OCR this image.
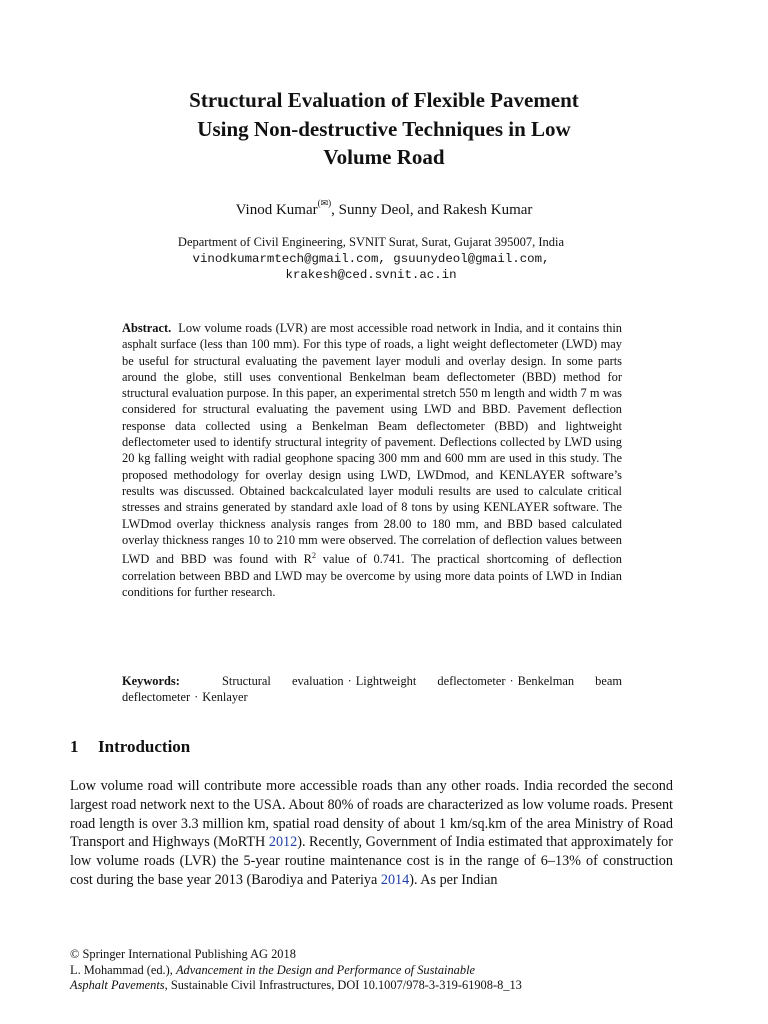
Structural Evaluation of Flexible Pavement
Using Non-destructive Techniques in Low
Volume Road
Vinod Kumar(✉), Sunny Deol, and Rakesh Kumar
Department of Civil Engineering, SVNIT Surat, Surat, Gujarat 395007, India
vinodkumarmtech@gmail.com, gsuunydeol@gmail.com,
krakesh@ced.svnit.ac.in
Abstract. Low volume roads (LVR) are most accessible road network in India, and it contains thin asphalt surface (less than 100 mm). For this type of roads, a light weight deflectometer (LWD) may be useful for structural evaluating the pavement layer moduli and overlay design. In some parts around the globe, still uses conventional Benkelman beam deflectometer (BBD) method for structural evaluation purpose. In this paper, an experimental stretch 550 m length and width 7 m was considered for structural evaluating the pavement using LWD and BBD. Pavement deflection response data collected using a Benkelman Beam deflectometer (BBD) and lightweight deflectometer used to identify structural integrity of pavement. Deflections collected by LWD using 20 kg falling weight with radial geophone spacing 300 mm and 600 mm are used in this study. The proposed methodology for overlay design using LWD, LWDmod, and KENLAYER software’s results was discussed. Obtained backcalculated layer moduli results are used to calculate critical stresses and strains generated by standard axle load of 8 tons by using KENLAYER software. The LWDmod overlay thickness analysis ranges from 28.00 to 180 mm, and BBD based calculated overlay thickness ranges 10 to 210 mm were observed. The correlation of deflection values between LWD and BBD was found with $R^2$ value of 0.741. The practical shortcoming of deflection correlation between BBD and LWD may be overcome by using more data points of LWD in Indian conditions for further research.
Keywords:	Structural evaluation · Lightweight deflectometer · Benkelman beam deflectometer · Kenlayer
1 Introduction
Low volume road will contribute more accessible roads than any other roads. India recorded the second largest road network next to the USA. About 80% of roads are characterized as low volume roads. Present road length is over 3.3 million km, spatial road density of about 1 km/sq.km of the area Ministry of Road Transport and Highways (MoRTH 2012). Recently, Government of India estimated that approximately for low volume roads (LVR) the 5-year routine maintenance cost is in the range of 6–13% of construction cost during the base year 2013 (Barodiya and Pateriya 2014). As per Indian
© Springer International Publishing AG 2018
L. Mohammad (ed.), Advancement in the Design and Performance of Sustainable
Asphalt Pavements, Sustainable Civil Infrastructures, DOI 10.1007/978-3-319-61908-8_13
